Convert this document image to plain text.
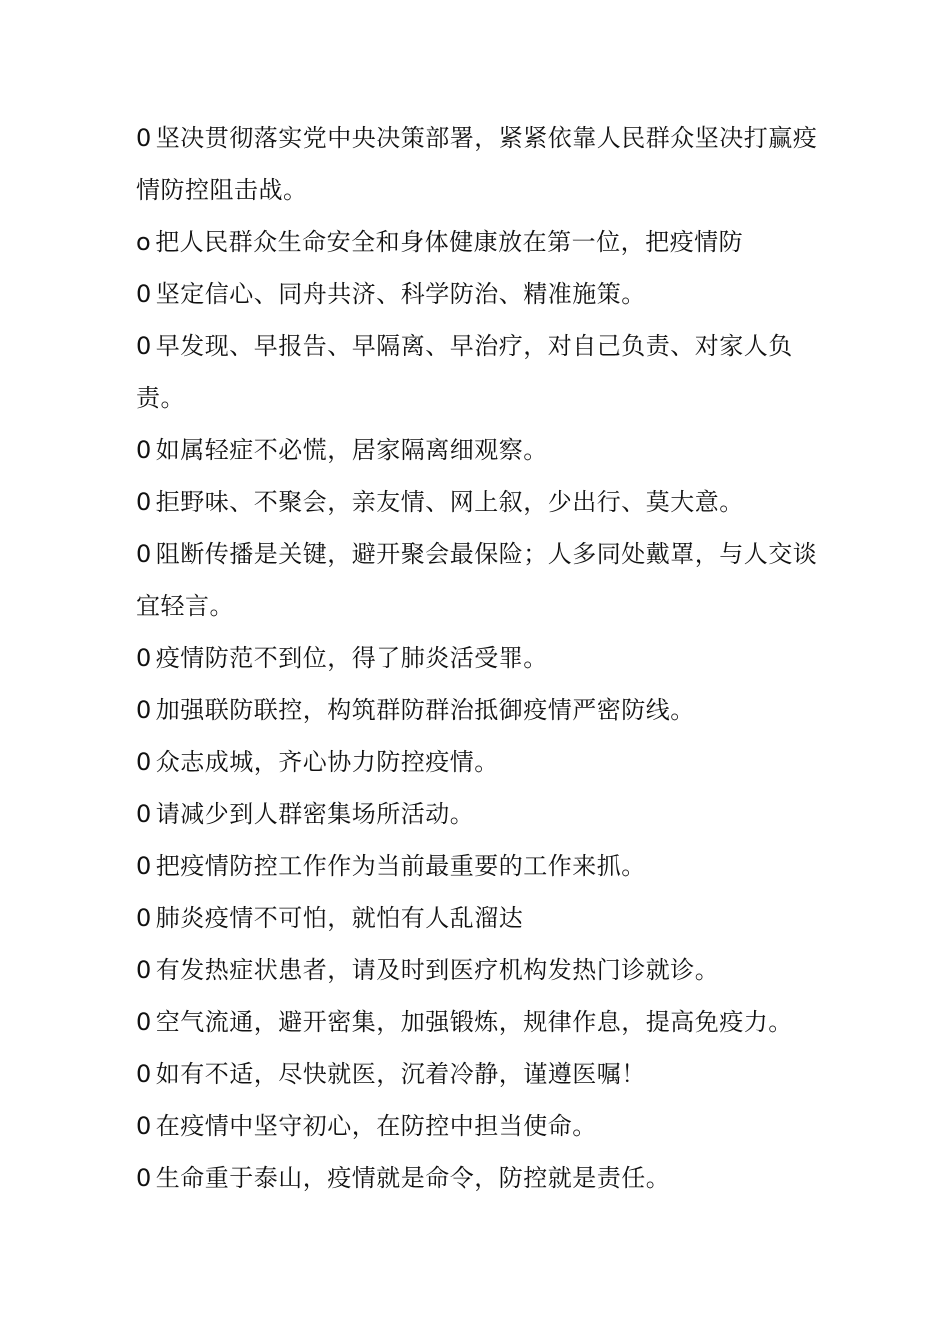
0 坚决贯彻落实党中央决策部署，紧紧依靠人民群众坚决打赢疫情防控阻击战。

o 把人民群众生命安全和身体健康放在第一位，把疫情防

0 坚定信心、同舟共济、科学防治、精准施策。

0 早发现、早报告、早隔离、早治疗，对自己负责、对家人负责。

0 如属轻症不必慌，居家隔离细观察。

0 拒野味、不聚会，亲友情、网上叙，少出行、莫大意。

0 阻断传播是关键，避开聚会最保险；人多同处戴罩，与人交谈宜轻言。

0 疫情防范不到位，得了肺炎活受罪。

0 加强联防联控，构筑群防群治抵御疫情严密防线。

0 众志成城，齐心协力防控疫情。

0 请减少到人群密集场所活动。

0 把疫情防控工作作为当前最重要的工作来抓。

0 肺炎疫情不可怕，就怕有人乱溜达

0 有发热症状患者，请及时到医疗机构发热门诊就诊。

0 空气流通，避开密集，加强锻炼，规律作息，提高免疫力。

0 如有不适，尽快就医，沉着冷静，谨遵医嘱！

0 在疫情中坚守初心，在防控中担当使命。

0 生命重于泰山，疫情就是命令，防控就是责任。
